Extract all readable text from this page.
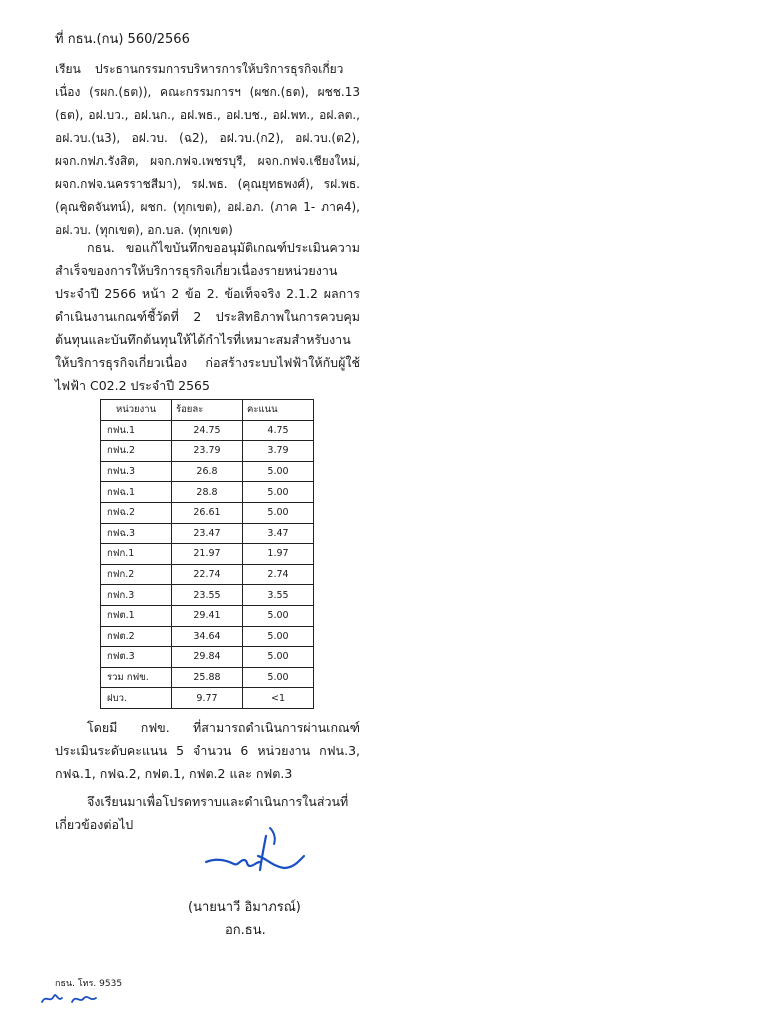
ที่ กธน.(กน) 560/2566
เรียน ประธานกรรมการบริหารการให้บริการธุรกิจเกี่ยวเนื่อง (รผก.(ธต)), คณะกรรมการฯ (ผชก.(ธต), ผชช.13 (ธต), อฝ.บว., อฝ.นก., อฝ.พธ., อฝ.บช., อฝ.พท., อฝ.ลต., อฝ.วบ.(น3), อฝ.วบ. (ฉ2), อฝ.วบ.(ก2), อฝ.วบ.(ต2), ผจก.กฟภ.รังสิต, ผจก.กฟจ.เพชรบุรี, ผจก.กฟจ.เชียงใหม่, ผจก.กฟจ.นครราชสีมา), รฝ.พธ. (คุณยุทธพงศ์), รฝ.พธ. (คุณชิดจันทน์), ผชก. (ทุกเขต), อฝ.อภ. (ภาค 1- ภาค4), อฝ.วบ. (ทุกเขต), อก.บล. (ทุกเขต)
กธน. ขอแก้ไขบันทึกขออนุมัติเกณฑ์ประเมินความสำเร็จของการให้บริการธุรกิจเกี่ยวเนื่องรายหน่วยงาน ประจำปี 2566 หน้า 2 ข้อ 2. ข้อเท็จจริง 2.1.2 ผลการดำเนินงานเกณฑ์ชี้วัดที่ 2 ประสิทธิภาพในการควบคุมต้นทุนและบันทึกต้นทุนให้ได้กำไรที่เหมาะสมสำหรับงานให้บริการธุรกิจเกี่ยวเนื่อง ก่อสร้างระบบไฟฟ้าให้กับผู้ใช้ไฟฟ้า C02.2 ประจำปี 2565
หน่วยงาน	ร้อยละ	คะแนน
กฟน.1	24.75	4.75
กฟน.2	23.79	3.79
กฟน.3	26.8	5.00
กฟฉ.1	28.8	5.00
กฟฉ.2	26.61	5.00
กฟฉ.3	23.47	3.47
กฟก.1	21.97	1.97
กฟก.2	22.74	2.74
กฟก.3	23.55	3.55
กฟต.1	29.41	5.00
กฟต.2	34.64	5.00
กฟต.3	29.84	5.00
รวม กฟข.	25.88	5.00
ฝบว.	9.77	<1
โดยมี กฟข. ที่สามารถดำเนินการผ่านเกณฑ์ประเมินระดับคะแนน 5 จำนวน 6 หน่วยงาน กฟน.3, กฟฉ.1, กฟฉ.2, กฟต.1, กฟต.2 และ กฟต.3
จึงเรียนมาเพื่อโปรดทราบและดำเนินการในส่วนที่เกี่ยวข้องต่อไป
(นายนาวี อิมาภรณ์)
อก.ธน.
กธน. โทร. 9535
